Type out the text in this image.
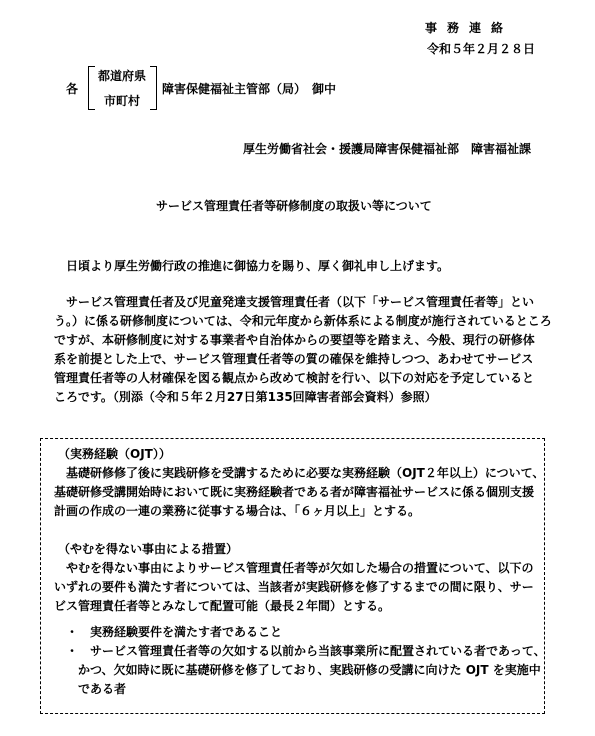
事務連絡
令和５年２月２８日
各
都道府県
市町村
障害保健福祉主管部（局）　御中
厚生労働省社会・援護局障害保健福祉部　障害福祉課
サービス管理責任者等研修制度の取扱い等について
日頃より厚生労働行政の推進に御協力を賜り、厚く御礼申し上げます。
サービス管理責任者及び児童発達支援管理責任者（以下「サービス管理責任者等」とい
う。）に係る研修制度については、令和元年度から新体系による制度が施行されているところ
ですが、本研修制度に対する事業者や自治体からの要望等を踏まえ、今般、現行の研修体
系を前提とした上で、サービス管理責任者等の質の確保を維持しつつ、あわせてサービス
管理責任者等の人材確保を図る観点から改めて検討を行い、以下の対応を予定していると
ころです。（別添（令和５年２月27日第135回障害者部会資料）参照）
（実務経験（OJT））
基礎研修修了後に実践研修を受講するために必要な実務経験（OJT２年以上）について、
基礎研修受講開始時において既に実務経験者である者が障害福祉サービスに係る個別支援
計画の作成の一連の業務に従事する場合は、「６ヶ月以上」とする。
（やむを得ない事由による措置）
やむを得ない事由によりサービス管理責任者等が欠如した場合の措置について、以下の
いずれの要件も満たす者については、当該者が実践研修を修了するまでの間に限り、サー
ビス管理責任者等とみなして配置可能（最長２年間）とする。
・ 実務経験要件を満たす者であること
・ サービス管理責任者等の欠如する以前から当該事業所に配置されている者であって、
かつ、欠如時に既に基礎研修を修了しており、実践研修の受講に向けた OJT を実施中
である者
